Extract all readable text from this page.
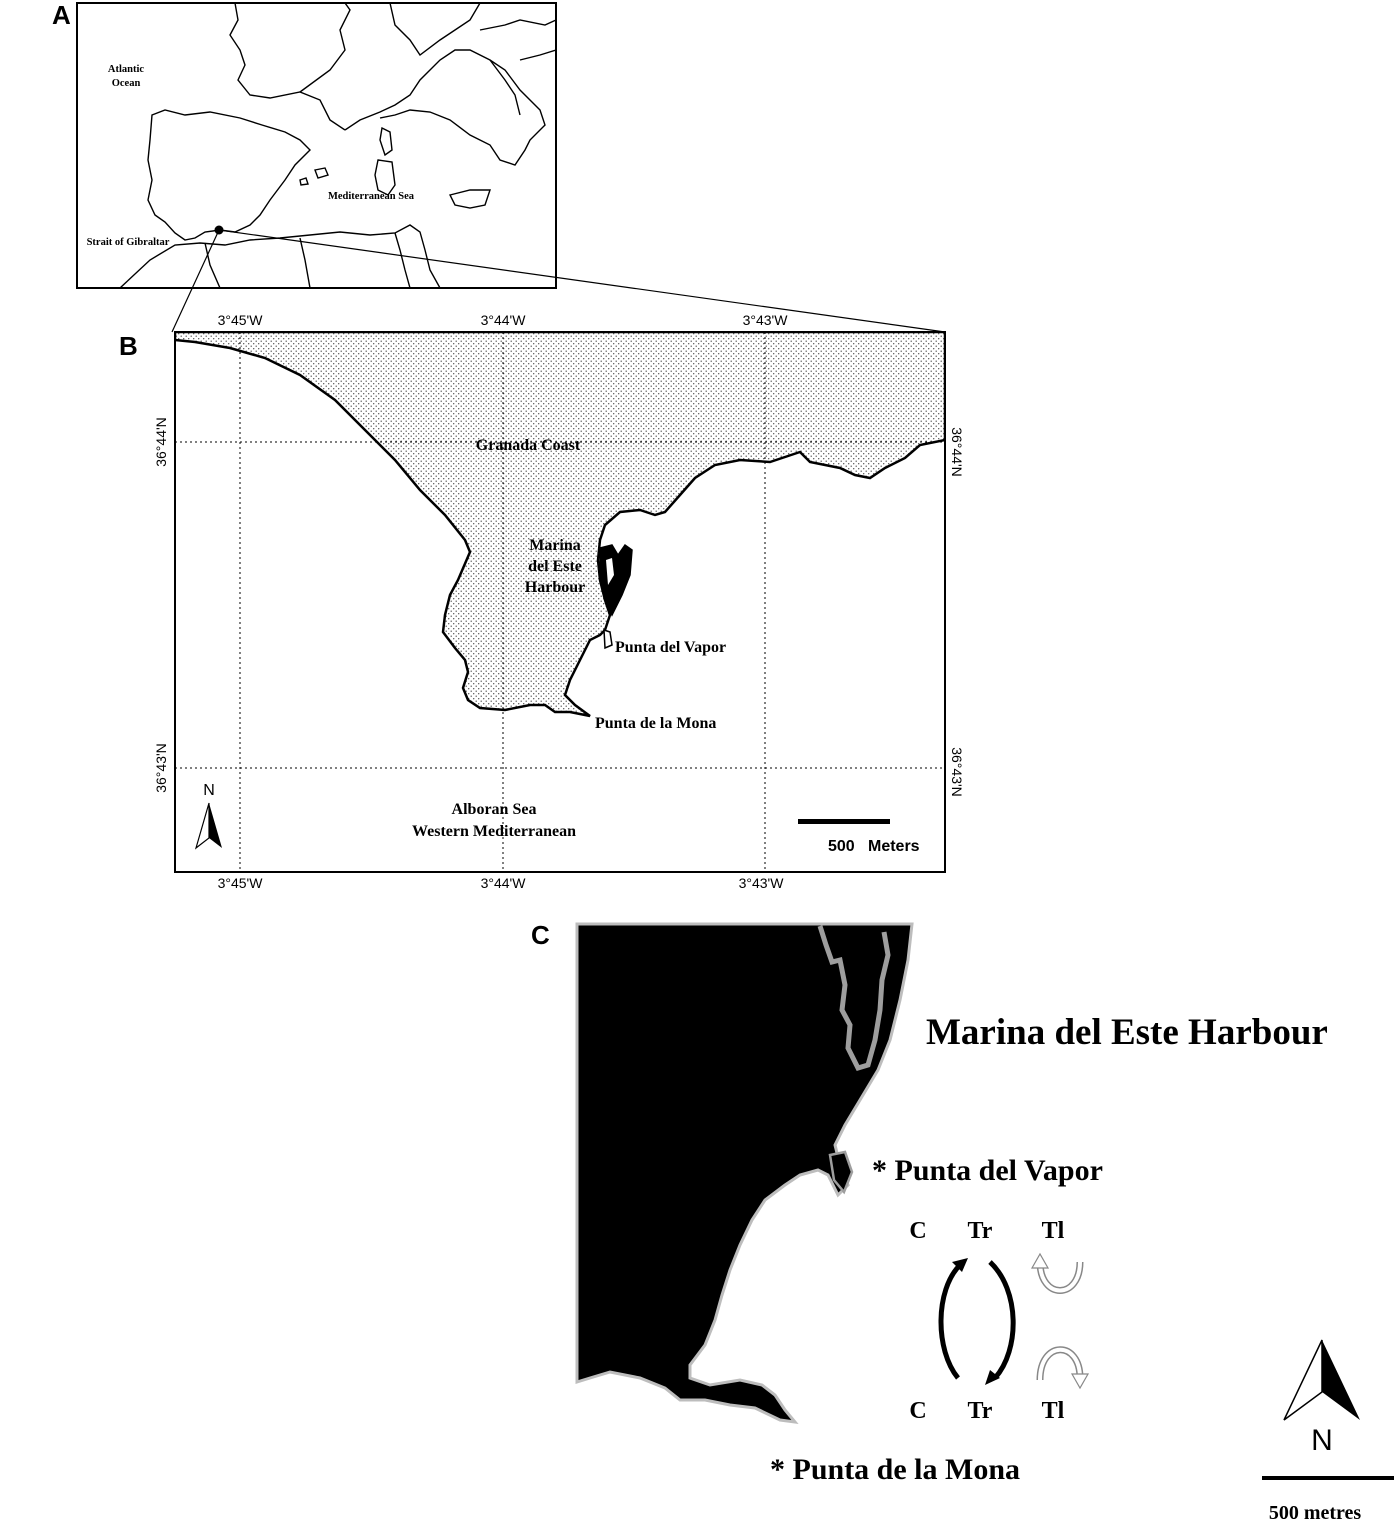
A
Atlantic
Ocean
Mediterranean Sea
Strait of Gibraltar
B
3°45'W	3°44'W	3°43'W
3°45'W	3°44'W	3°43'W
36°44'N
36°43'N
36°44'N
36°43'N
Granada Coast
Marina
del Este
Harbour
Punta del Vapor
Punta de la Mona
Alboran Sea
Western Mediterranean
N
500 Meters
C
Marina del Este Harbour
* Punta del Vapor
* Punta de la Mona
C Tr Tl
C Tr Tl
N
500 metres
